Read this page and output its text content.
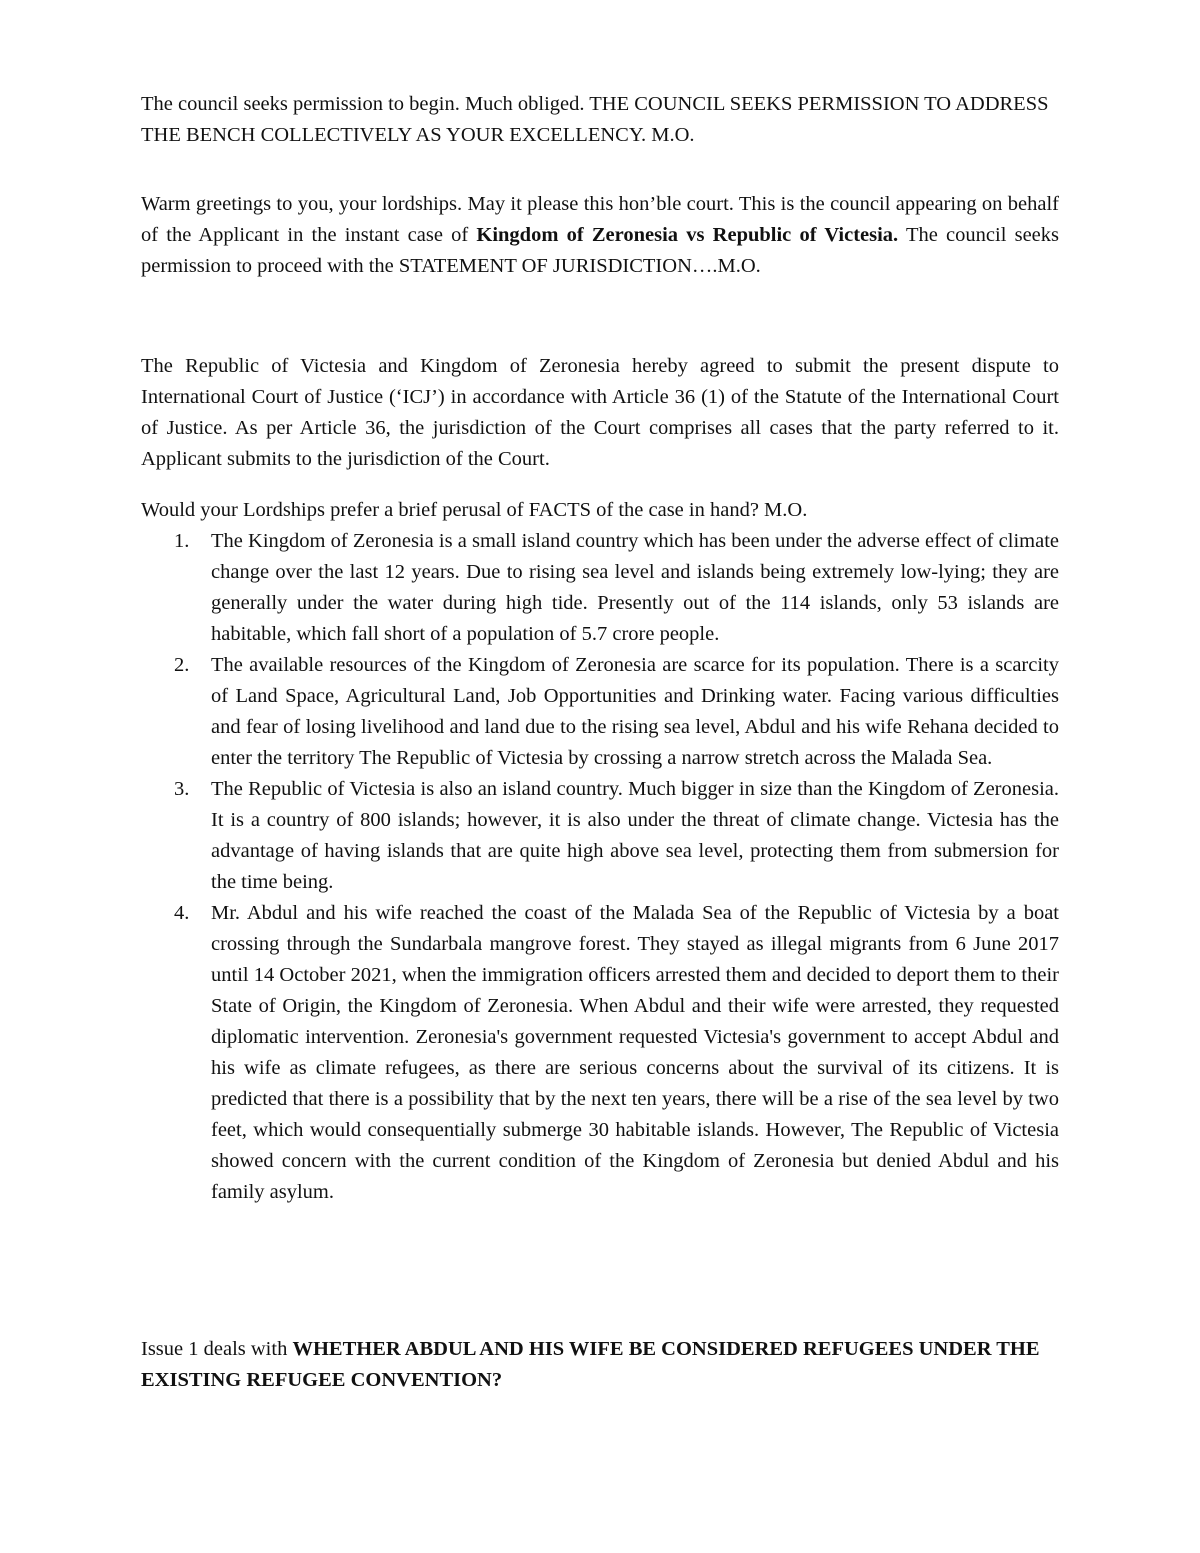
The council seeks permission to begin. Much obliged. THE COUNCIL SEEKS PERMISSION TO ADDRESS THE BENCH COLLECTIVELY AS YOUR EXCELLENCY. M.O.

Warm greetings to you, your lordships. May it please this hon’ble court. This is the council appearing on behalf of the Applicant in the instant case of Kingdom of Zeronesia vs Republic of Victesia. The council seeks permission to proceed with the STATEMENT OF JURISDICTION….M.O.

The Republic of Victesia and Kingdom of Zeronesia hereby agreed to submit the present dispute to International Court of Justice (‘ICJ’) in accordance with Article 36 (1) of the Statute of the International Court of Justice. As per Article 36, the jurisdiction of the Court comprises all cases that the party referred to it. Applicant submits to the jurisdiction of the Court.

Would your Lordships prefer a brief perusal of FACTS of the case in hand? M.O.

1. The Kingdom of Zeronesia is a small island country which has been under the adverse effect of climate change over the last 12 years. Due to rising sea level and islands being extremely low-lying; they are generally under the water during high tide. Presently out of the 114 islands, only 53 islands are habitable, which fall short of a population of 5.7 crore people.
2. The available resources of the Kingdom of Zeronesia are scarce for its population. There is a scarcity of Land Space, Agricultural Land, Job Opportunities and Drinking water. Facing various difficulties and fear of losing livelihood and land due to the rising sea level, Abdul and his wife Rehana decided to enter the territory The Republic of Victesia by crossing a narrow stretch across the Malada Sea.
3. The Republic of Victesia is also an island country. Much bigger in size than the Kingdom of Zeronesia. It is a country of 800 islands; however, it is also under the threat of climate change. Victesia has the advantage of having islands that are quite high above sea level, protecting them from submersion for the time being.
4. Mr. Abdul and his wife reached the coast of the Malada Sea of the Republic of Victesia by a boat crossing through the Sundarbala mangrove forest. They stayed as illegal migrants from 6 June 2017 until 14 October 2021, when the immigration officers arrested them and decided to deport them to their State of Origin, the Kingdom of Zeronesia. When Abdul and their wife were arrested, they requested diplomatic intervention. Zeronesia's government requested Victesia's government to accept Abdul and his wife as climate refugees, as there are serious concerns about the survival of its citizens. It is predicted that there is a possibility that by the next ten years, there will be a rise of the sea level by two feet, which would consequentially submerge 30 habitable islands. However, The Republic of Victesia showed concern with the current condition of the Kingdom of Zeronesia but denied Abdul and his family asylum.

Issue 1 deals with WHETHER ABDUL AND HIS WIFE BE CONSIDERED REFUGEES UNDER THE EXISTING REFUGEE CONVENTION?
